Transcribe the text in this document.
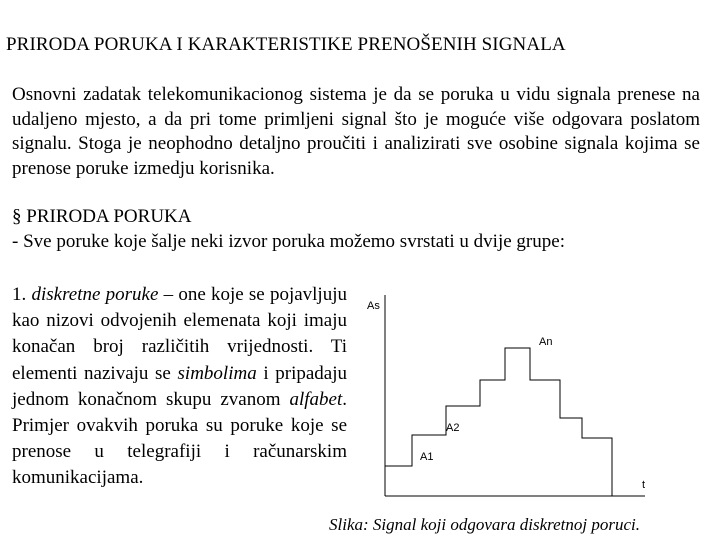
PRIRODA PORUKA I KARAKTERISTIKE PRENOŠENIH SIGNALA

Osnovni zadatak telekomunikacionog sistema je da se poruka u vidu signala prenese na udaljeno mjesto, a da pri tome primljeni signal što je moguće više odgovara poslatom signalu. Stoga je neophodno detaljno proučiti i analizirati sve osobine signala kojima se prenose poruke izmedju korisnika.

§ PRIRODA PORUKA
- Sve poruke koje šalje neki izvor poruka možemo svrstati u dvije grupe:

1. diskretne poruke – one koje se pojavljuju kao nizovi odvojenih elemenata koji imaju konačan broj različitih vrijednosti. Ti elementi nazivaju se simbolima i pripadaju jednom konačnom skupu zvanom alfabet. Primjer ovakvih poruka su poruke koje se prenose u telegrafiji i računarskim komunikacijama.

As
t
A1
A2
An
Slika: Signal koji odgovara diskretnoj poruci.
